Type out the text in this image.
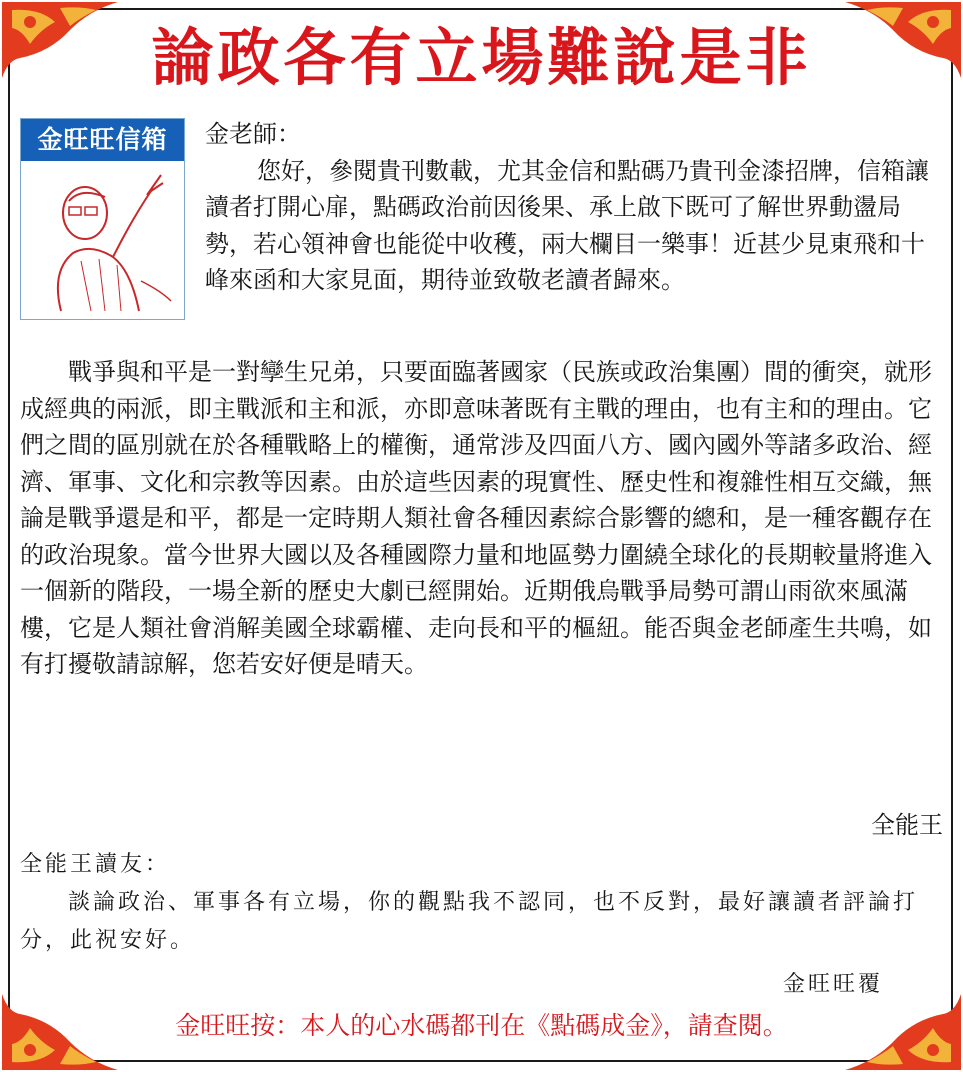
論政各有立場難說是非
金旺旺信箱	金老師：

您好，參閱貴刊數載，尤其金信和點碼乃貴刊金漆招牌，信箱讓讀者打開心扉，點碼政治前因後果、承上啟下既可了解世界動盪局勢，若心領神會也能從中收穫，兩大欄目一樂事！近甚少見東飛和十峰來函和大家見面，期待並致敬老讀者歸來。

戰爭與和平是一對孿生兄弟，只要面臨著國家（民族或政治集團）間的衝突，就形成經典的兩派，即主戰派和主和派，亦即意味著既有主戰的理由，也有主和的理由。它們之間的區別就在於各種戰略上的權衡，通常涉及四面八方、國內國外等諸多政治、經濟、軍事、文化和宗教等因素。由於這些因素的現實性、歷史性和複雜性相互交織，無論是戰爭還是和平，都是一定時期人類社會各種因素綜合影響的總和，是一種客觀存在的政治現象。當今世界大國以及各種國際力量和地區勢力圍繞全球化的長期較量將進入一個新的階段，一場全新的歷史大劇已經開始。近期俄烏戰爭局勢可謂山雨欲來風滿樓，它是人類社會消解美國全球霸權、走向長和平的樞紐。能否與金老師產生共鳴，如有打擾敬請諒解，您若安好便是晴天。

全能王

全能王讀友：

談論政治、軍事各有立場，你的觀點我不認同，也不反對，最好讓讀者評論打分，此祝安好。

金旺旺覆
金旺旺按：本人的心水碼都刊在《點碼成金》，請查閱。
